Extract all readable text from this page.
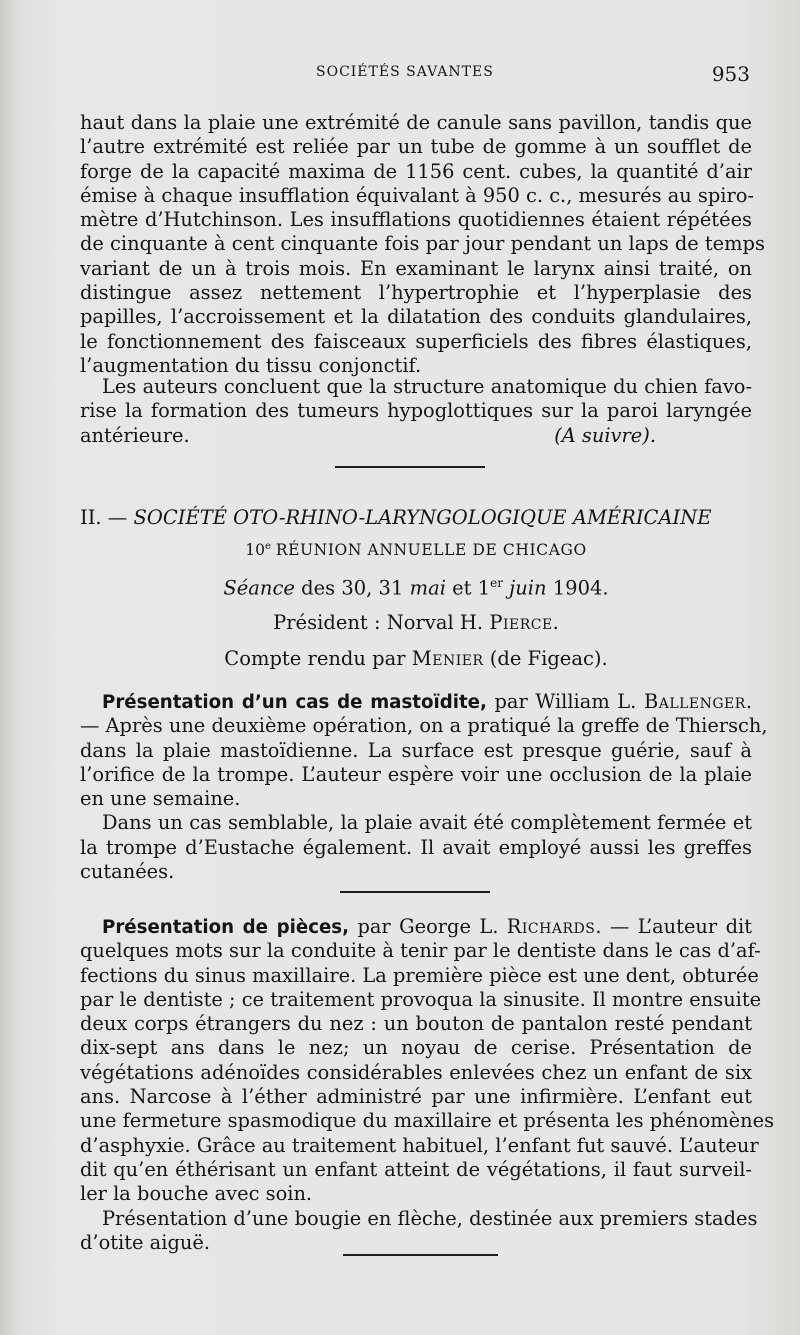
SOCIÉTÉS SAVANTES	953
haut dans la plaie une extrémité de canule sans pavillon, tandis que
l’autre extrémité est reliée par un tube de gomme à un soufflet de
forge de la capacité maxima de 1156 cent. cubes, la quantité d’air
émise à chaque insufflation équivalant à 950 c. c., mesurés au spiro-
mètre d’Hutchinson. Les insufflations quotidiennes étaient répétées
de cinquante à cent cinquante fois par jour pendant un laps de temps
variant de un à trois mois. En examinant le larynx ainsi traité, on
distingue assez nettement l’hypertrophie et l’hyperplasie des
papilles, l’accroissement et la dilatation des conduits glandulaires,
le fonctionnement des faisceaux superficiels des fibres élastiques,
l’augmentation du tissu conjonctif.
Les auteurs concluent que la structure anatomique du chien favo-
rise la formation des tumeurs hypoglottiques sur la paroi laryngée
antérieure.	(A suivre).
II. — SOCIÉTÉ OTO-RHINO-LARYNGOLOGIQUE AMÉRICAINE
10e RÉUNION ANNUELLE DE CHICAGO
Séance des 30, 31 mai et 1er juin 1904.
Président : Norval H. Pierce.
Compte rendu par Menier (de Figeac).
Présentation d’un cas de mastoïdite, par William L. Ballenger.
— Après une deuxième opération, on a pratiqué la greffe de Thiersch,
dans la plaie mastoïdienne. La surface est presque guérie, sauf à
l’orifice de la trompe. L’auteur espère voir une occlusion de la plaie
en une semaine.
Dans un cas semblable, la plaie avait été complètement fermée et
la trompe d’Eustache également. Il avait employé aussi les greffes
cutanées.
Présentation de pièces, par George L. Richards. — L’auteur dit
quelques mots sur la conduite à tenir par le dentiste dans le cas d’af-
fections du sinus maxillaire. La première pièce est une dent, obturée
par le dentiste ; ce traitement provoqua la sinusite. Il montre ensuite
deux corps étrangers du nez : un bouton de pantalon resté pendant
dix-sept ans dans le nez; un noyau de cerise. Présentation de
végétations adénoïdes considérables enlevées chez un enfant de six
ans. Narcose à l’éther administré par une infirmière. L’enfant eut
une fermeture spasmodique du maxillaire et présenta les phénomènes
d’asphyxie. Grâce au traitement habituel, l’enfant fut sauvé. L’auteur
dit qu’en éthérisant un enfant atteint de végétations, il faut surveil-
ler la bouche avec soin.
Présentation d’une bougie en flèche, destinée aux premiers stades
d’otite aiguë.
